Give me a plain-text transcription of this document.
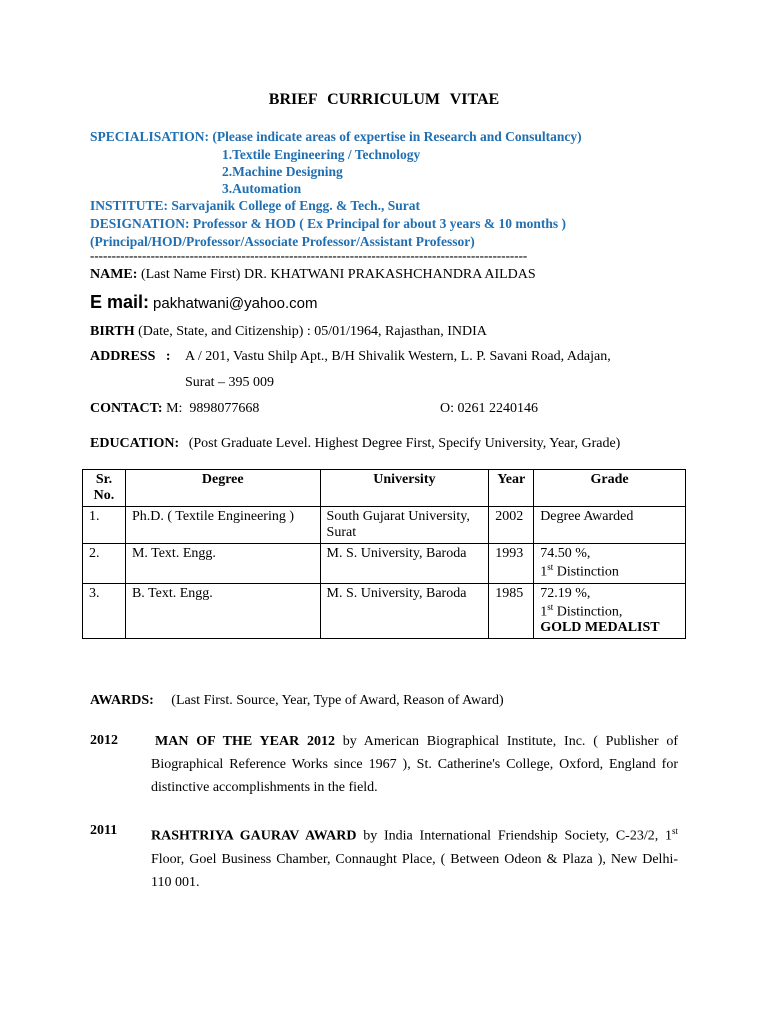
BRIEF CURRICULUM VITAE
SPECIALISATION: (Please indicate areas of expertise in Research and Consultancy)
1.Textile Engineering / Technology
2.Machine Designing
3.Automation
INSTITUTE: Sarvajanik College of Engg. & Tech., Surat
DESIGNATION: Professor & HOD ( Ex Principal for about 3 years & 10 months )
(Principal/HOD/Professor/Associate Professor/Assistant Professor)
-----------------------------------------------------------------------------------------------------
NAME: (Last Name First) DR. KHATWANI PRAKASHCHANDRA AILDAS
E mail: pakhatwani@yahoo.com
BIRTH (Date, State, and Citizenship) : 05/01/1964, Rajasthan, INDIA
ADDRESS   : A / 201, Vastu Shilp Apt., B/H Shivalik Western, L. P. Savani Road, Adajan,
Surat – 395 009
CONTACT: M:  9898077668	O: 0261 2240146
EDUCATION: (Post Graduate Level. Highest Degree First, Specify University, Year, Grade)
Sr.
No.	Degree	University	Year	Grade
1.	Ph.D. ( Textile Engineering )	South Gujarat University,
Surat	2002	Degree Awarded
2.	M. Text. Engg.	M. S. University, Baroda	1993	74.50 %,
1st Distinction
3.	B. Text. Engg.	M. S. University, Baroda	1985	72.19 %,
1st Distinction,
GOLD MEDALIST
AWARDS: (Last First. Source, Year, Type of Award, Reason of Award)
2012	MAN OF THE YEAR 2012 by American Biographical Institute, Inc. ( Publisher of Biographical Reference Works since 1967 ), St. Catherine's College, Oxford, England for distinctive accomplishments in the field.
2011 RASHTRIYA GAURAV AWARD by India International Friendship Society, C-23/2, 1st Floor, Goel Business Chamber, Connaught Place, ( Between Odeon & Plaza ), New Delhi-110 001.
